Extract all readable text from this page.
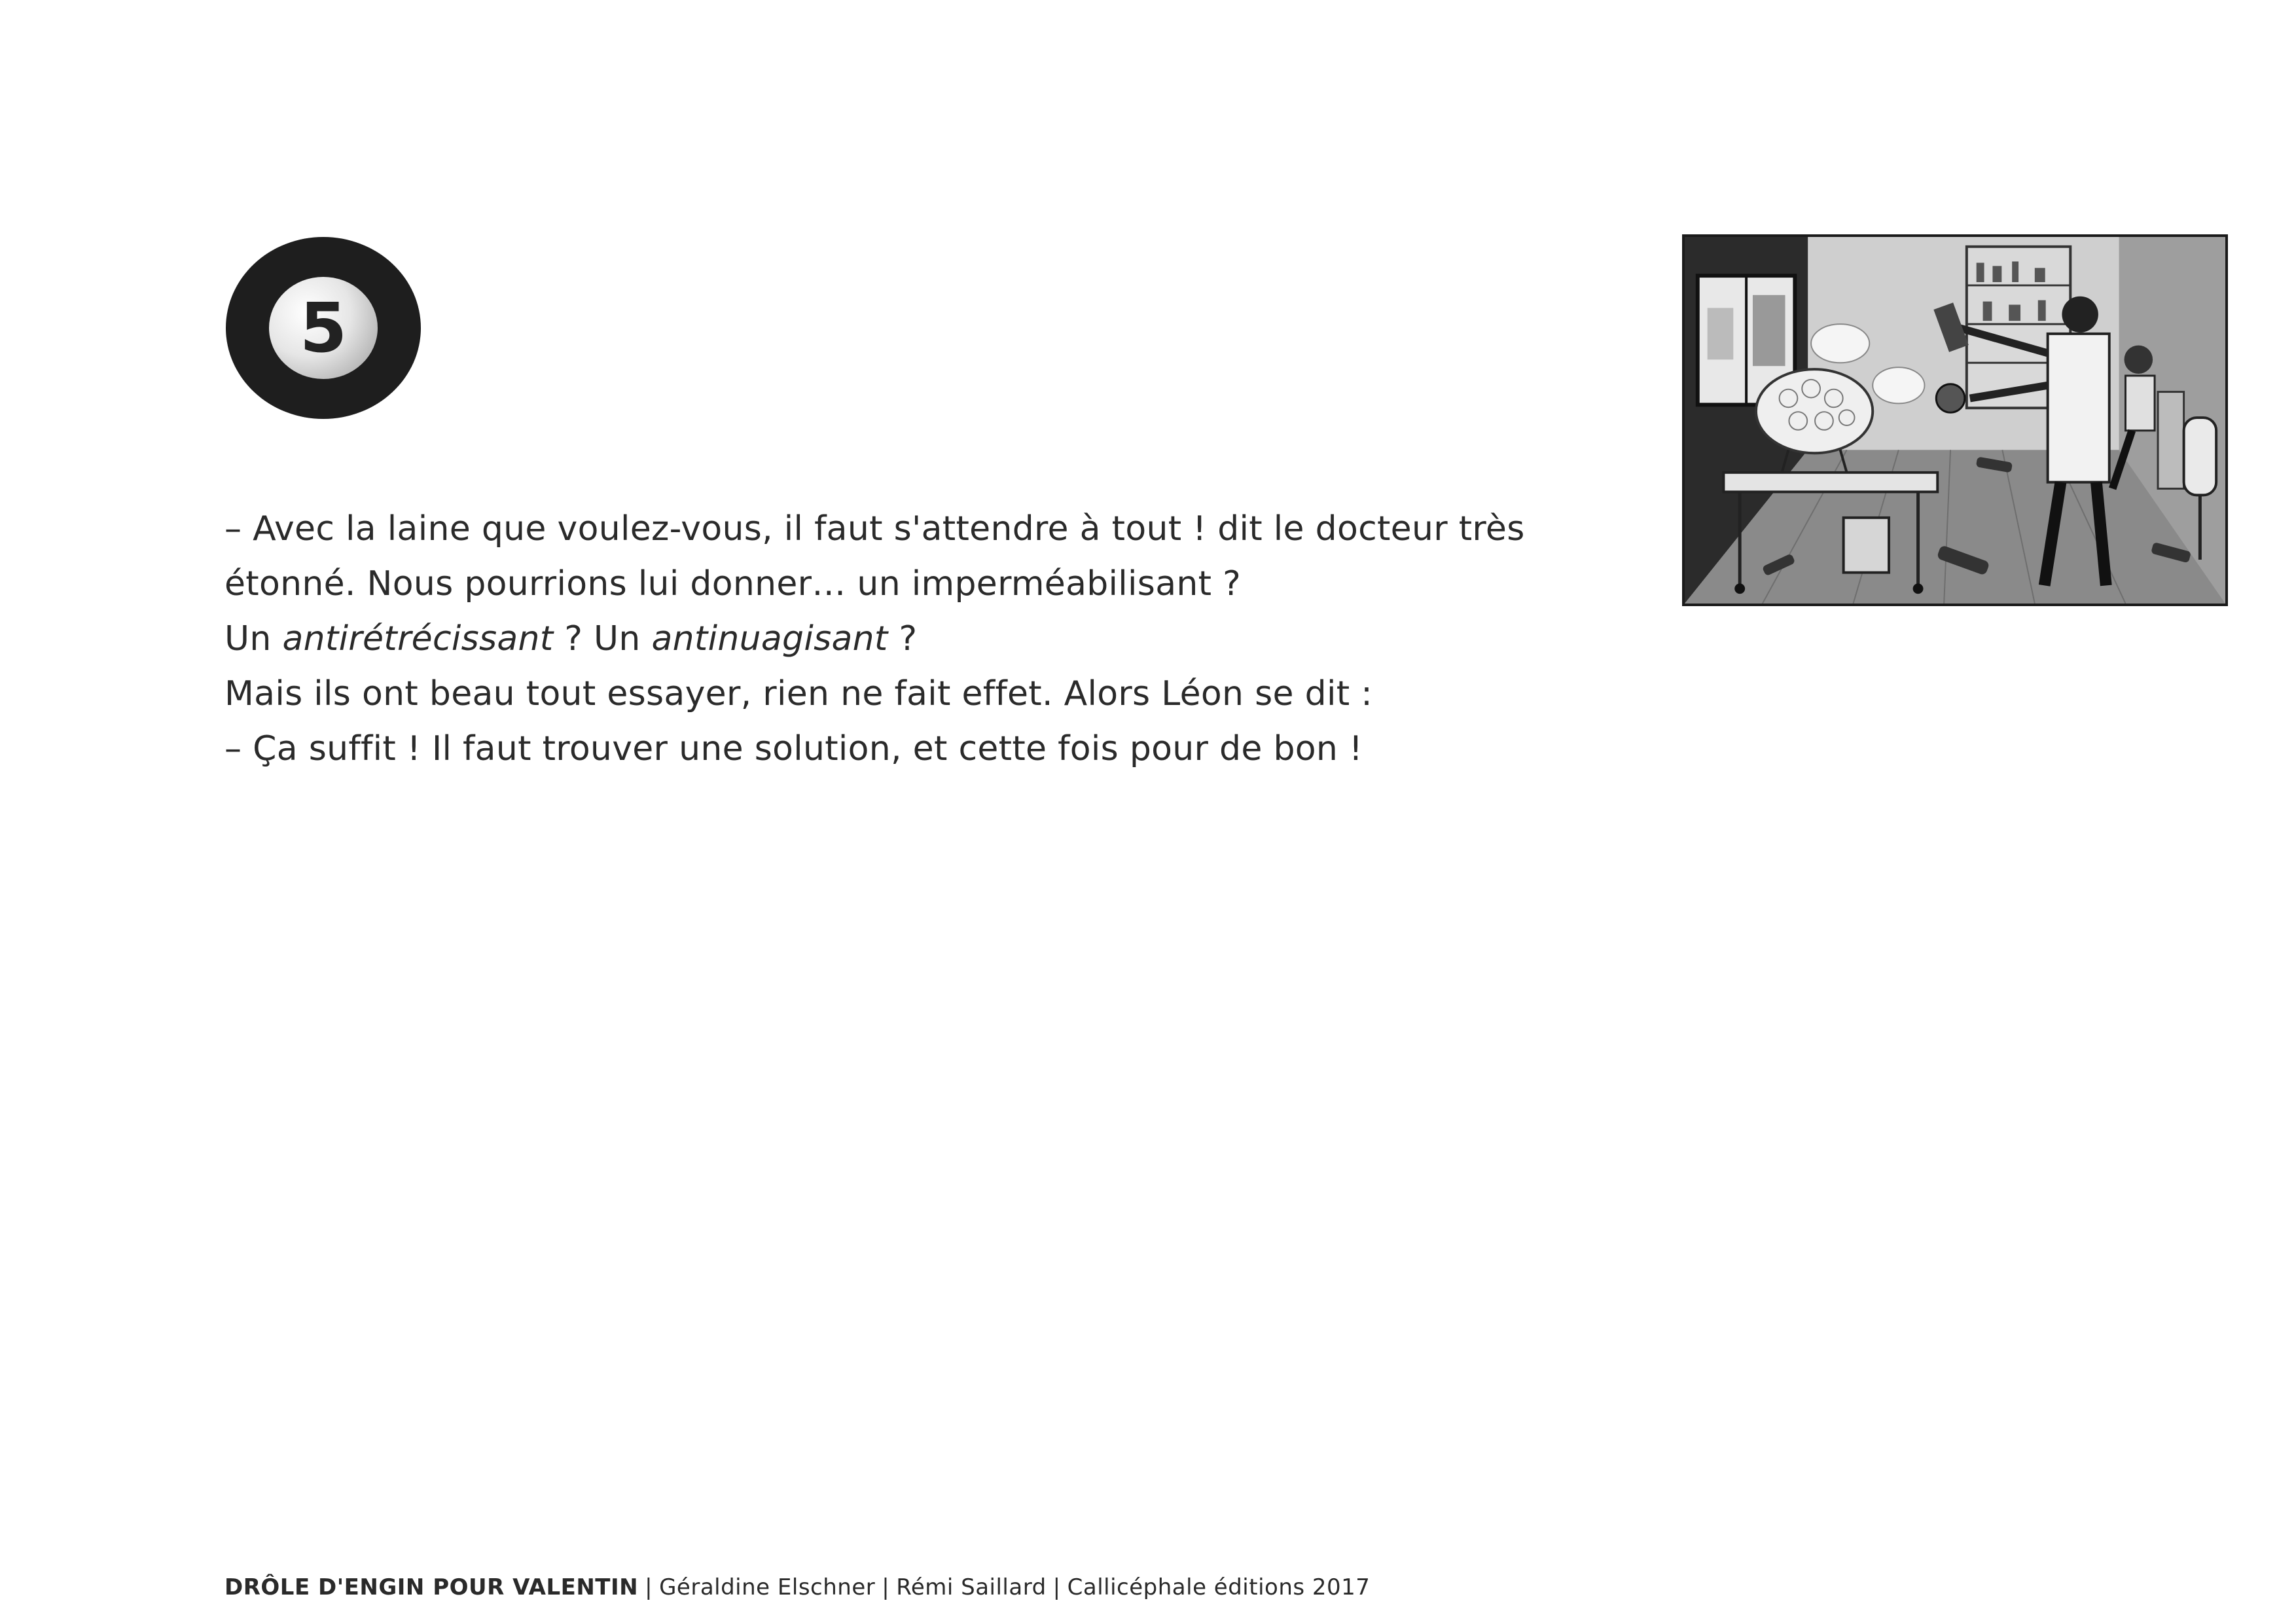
5

– Avec la laine que voulez-vous, il faut s'attendre à tout ! dit le docteur très

étonné. Nous pourrions lui donner… un imperméabilisant ?

Un antirétrécissant ? Un antinuagisant ?

Mais ils ont beau tout essayer, rien ne fait effet. Alors Léon se dit :

– Ça suffit ! Il faut trouver une solution, et cette fois pour de bon !

DRÔLE D'ENGIN POUR VALENTIN | Géraldine Elschner | Rémi Saillard | Callicéphale éditions 2017
